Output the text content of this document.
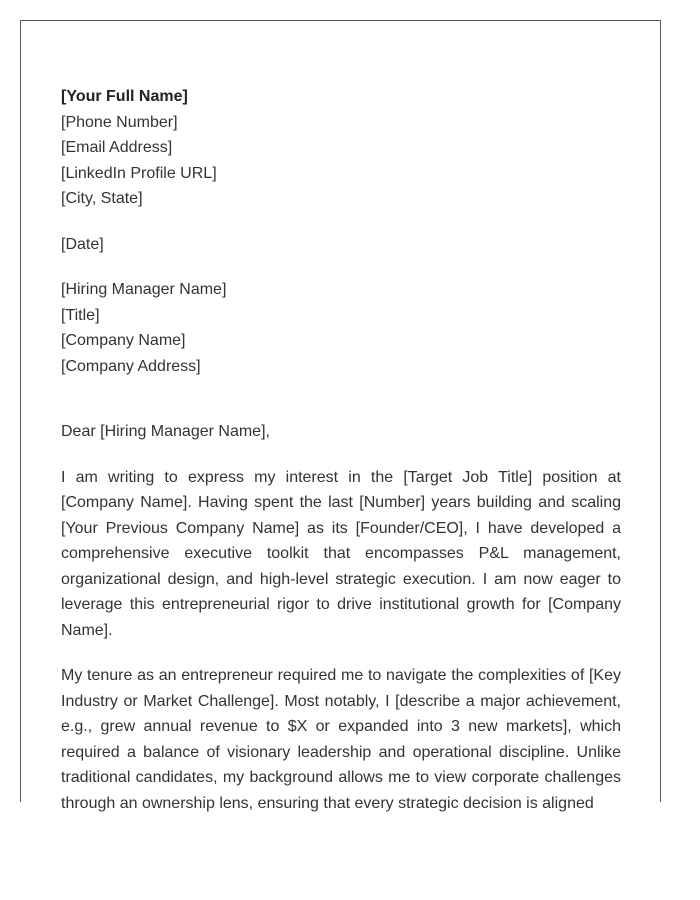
[Your Full Name]
[Phone Number]
[Email Address]
[LinkedIn Profile URL]
[City, State]
[Date]
[Hiring Manager Name]
[Title]
[Company Name]
[Company Address]
Dear [Hiring Manager Name],

I am writing to express my interest in the [Target Job Title] position at [Company Name]. Having spent the last [Number] years building and scaling [Your Previous Company Name] as its [Founder/CEO], I have developed a comprehensive executive toolkit that encompasses P&L management, organizational design, and high-level strategic execution. I am now eager to leverage this entrepreneurial rigor to drive institutional growth for [Company Name].

My tenure as an entrepreneur required me to navigate the complexities of [Key Industry or Market Challenge]. Most notably, I [describe a major achievement, e.g., grew annual revenue to $X or expanded into 3 new markets], which required a balance of visionary leadership and operational discipline. Unlike traditional candidates, my background allows me to view corporate challenges through an ownership lens, ensuring that every strategic decision is aligned
